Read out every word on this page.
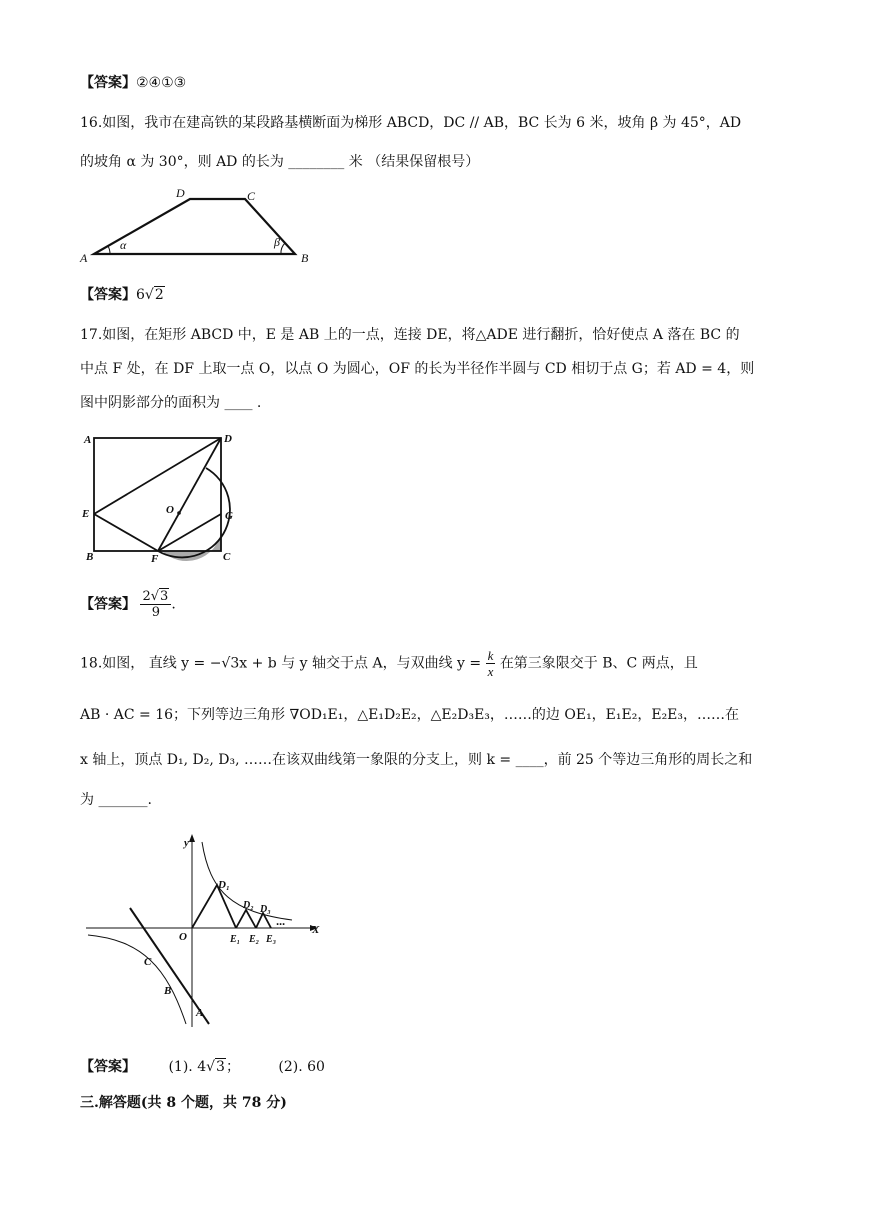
【答案】②④①③
16.如图，我市在建高铁的某段路基横断面为梯形 ABCD，DC // AB，BC 长为 6 米，坡角 β 为 45°，AD
的坡角 α 为 30°，则 AD 的长为 ________ 米 （结果保留根号）
A	B
C
D
α	β
【答案】6√2
17.如图，在矩形 ABCD 中，E 是 AB 上的一点，连接 DE，将△ADE 进行翻折，恰好使点 A 落在 BC 的
中点 F 处，在 DF 上取一点 O，以点 O 为圆心，OF 的长为半径作半圆与 CD 相切于点 G；若 AD = 4，则
图中阴影部分的面积为 ____ .
A	D
E	G
O
B	F	C
【答案】 $\frac{2√3}{9}$ .
18.如图， 直线 y = −√3x + b 与 y 轴交于点 A，与双曲线 $y = \frac{k}{x}$ 在第三象限交于 B、C 两点，且
AB · AC = 16；下列等边三角形 ∇OD₁E₁，△E₁D₂E₂，△E₂D₃E₃，……的边 OE₁，E₁E₂，E₂E₃，……在
x 轴上，顶点 D₁, D₂, D₃, ……在该双曲线第一象限的分支上，则 k = ____，前 25 个等边三角形的周长之和
为 _______.
y
X
O
C
B
A
D₁
D₂ D₃
E₁ E₂ E₃
···
【答案】 (1). 4√3；	(2). 60
三.解答题(共 8 个题，共 78 分)
